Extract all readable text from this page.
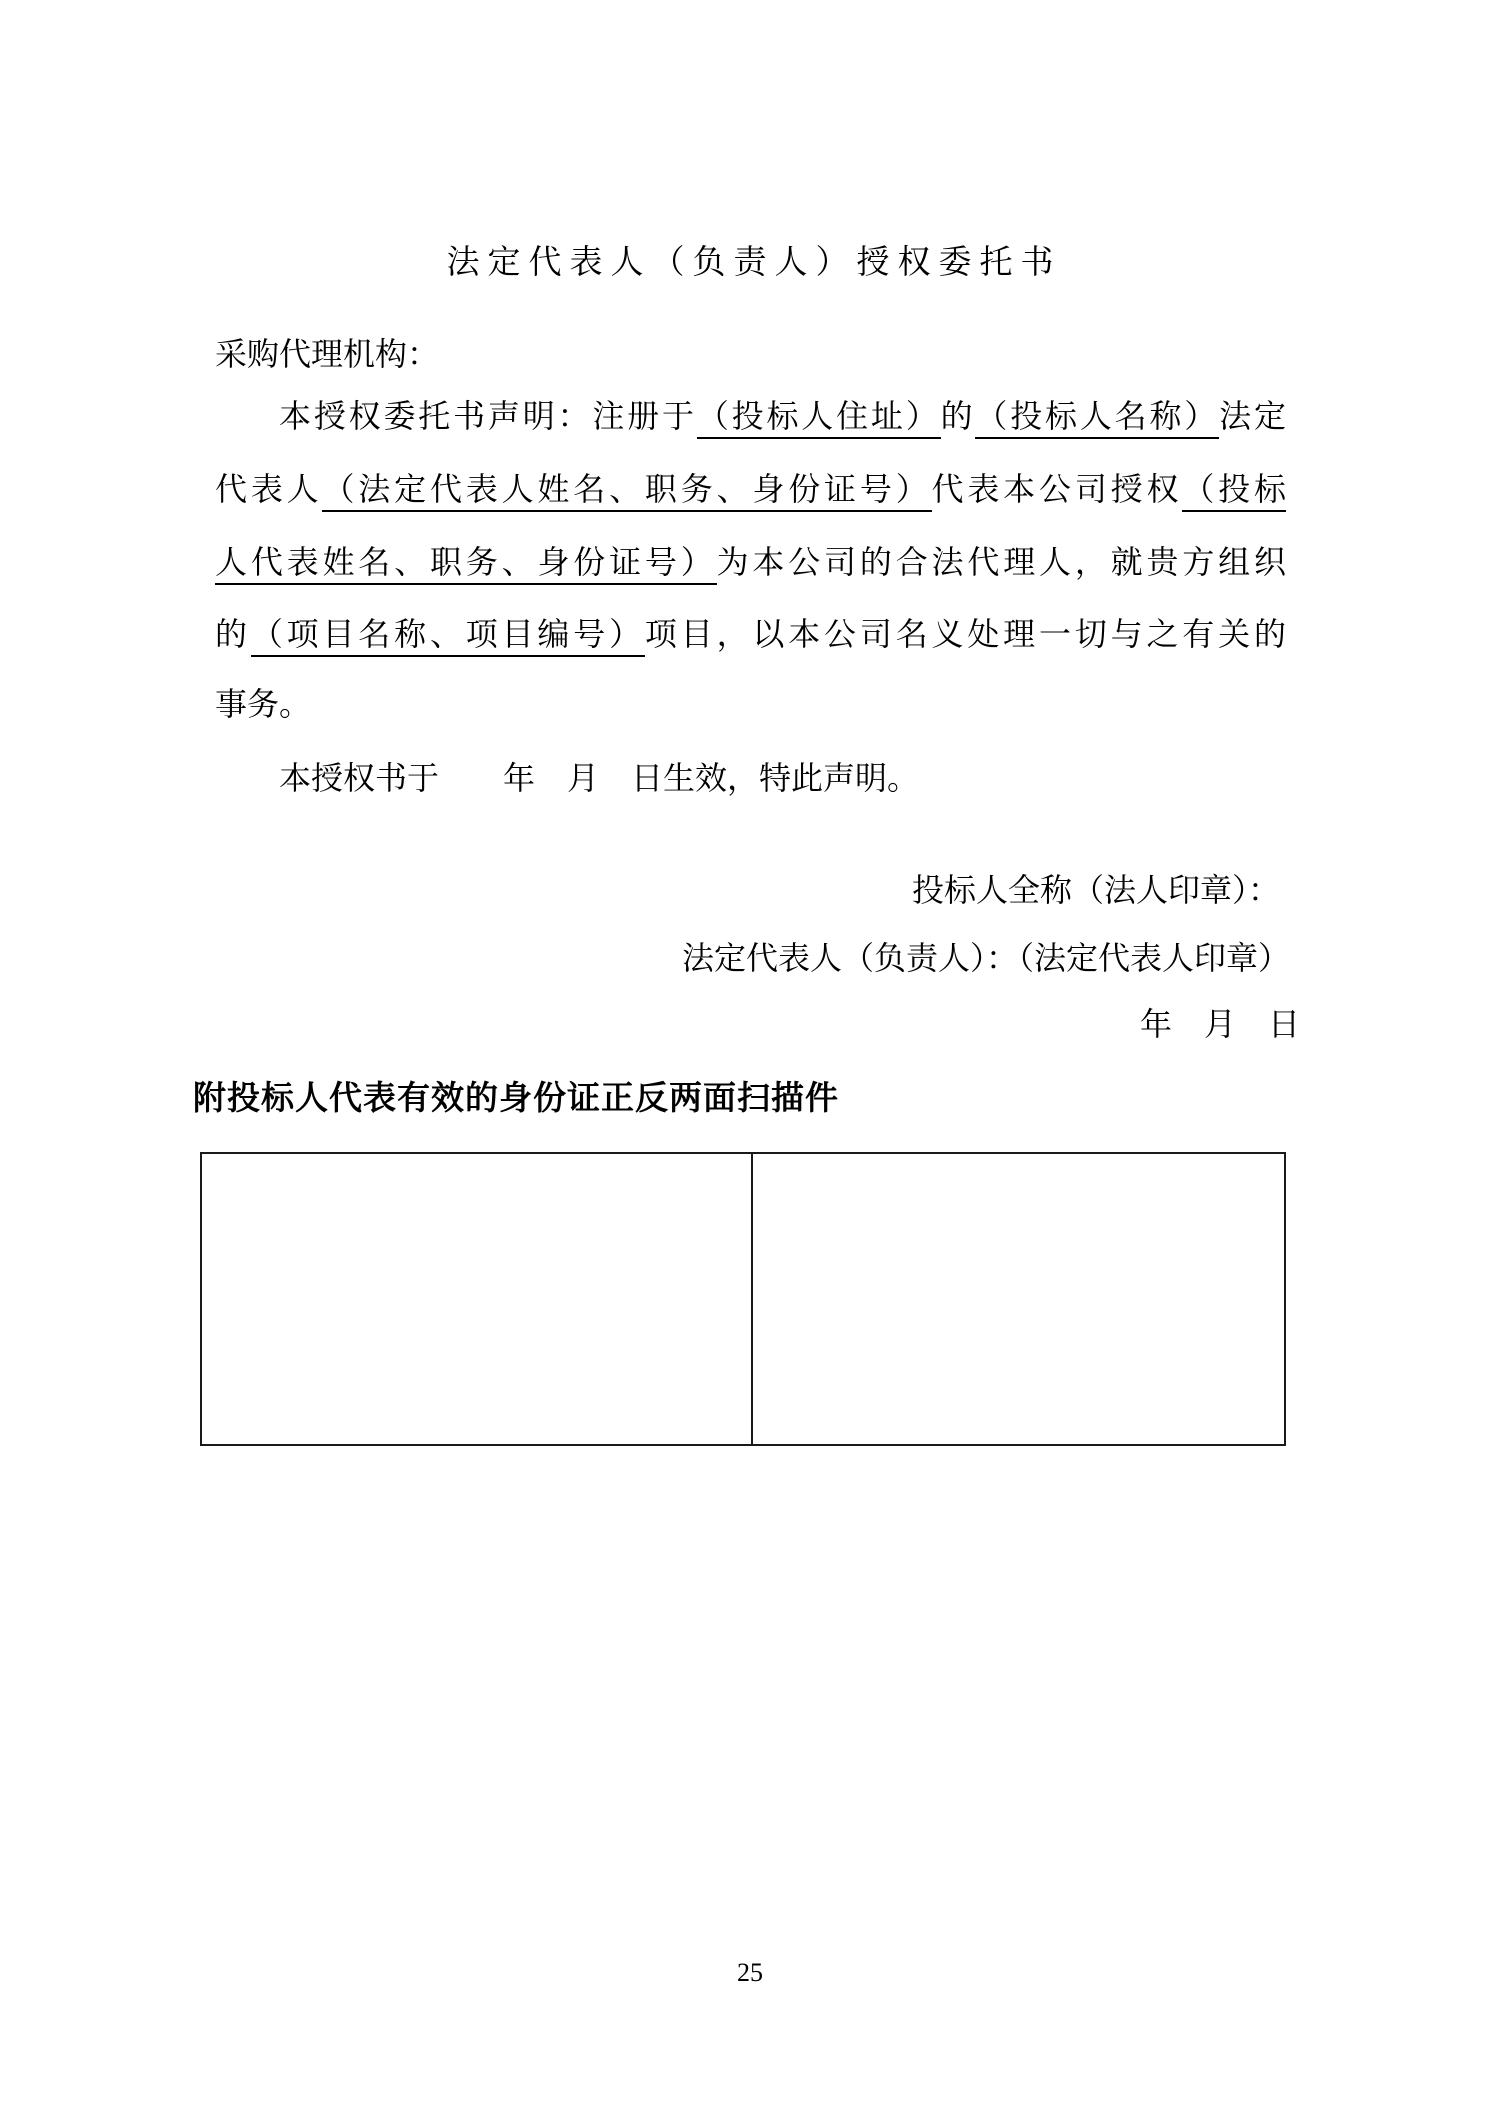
法定代表人（负责人）授权委托书
采购代理机构：
本授权委托书声明：注册于（投标人住址）的（投标人名称）法定
代表人（法定代表人姓名、职务、身份证号）代表本公司授权（投标
人代表姓名、职务、身份证号）为本公司的合法代理人，就贵方组织
的（项目名称、项目编号）项目，以本公司名义处理一切与之有关的
事务。
本授权书于　　年　月　日生效，特此声明。
投标人全称（法人印章）：
法定代表人（负责人）：（法定代表人印章）
年　月　日
附投标人代表有效的身份证正反两面扫描件
25
